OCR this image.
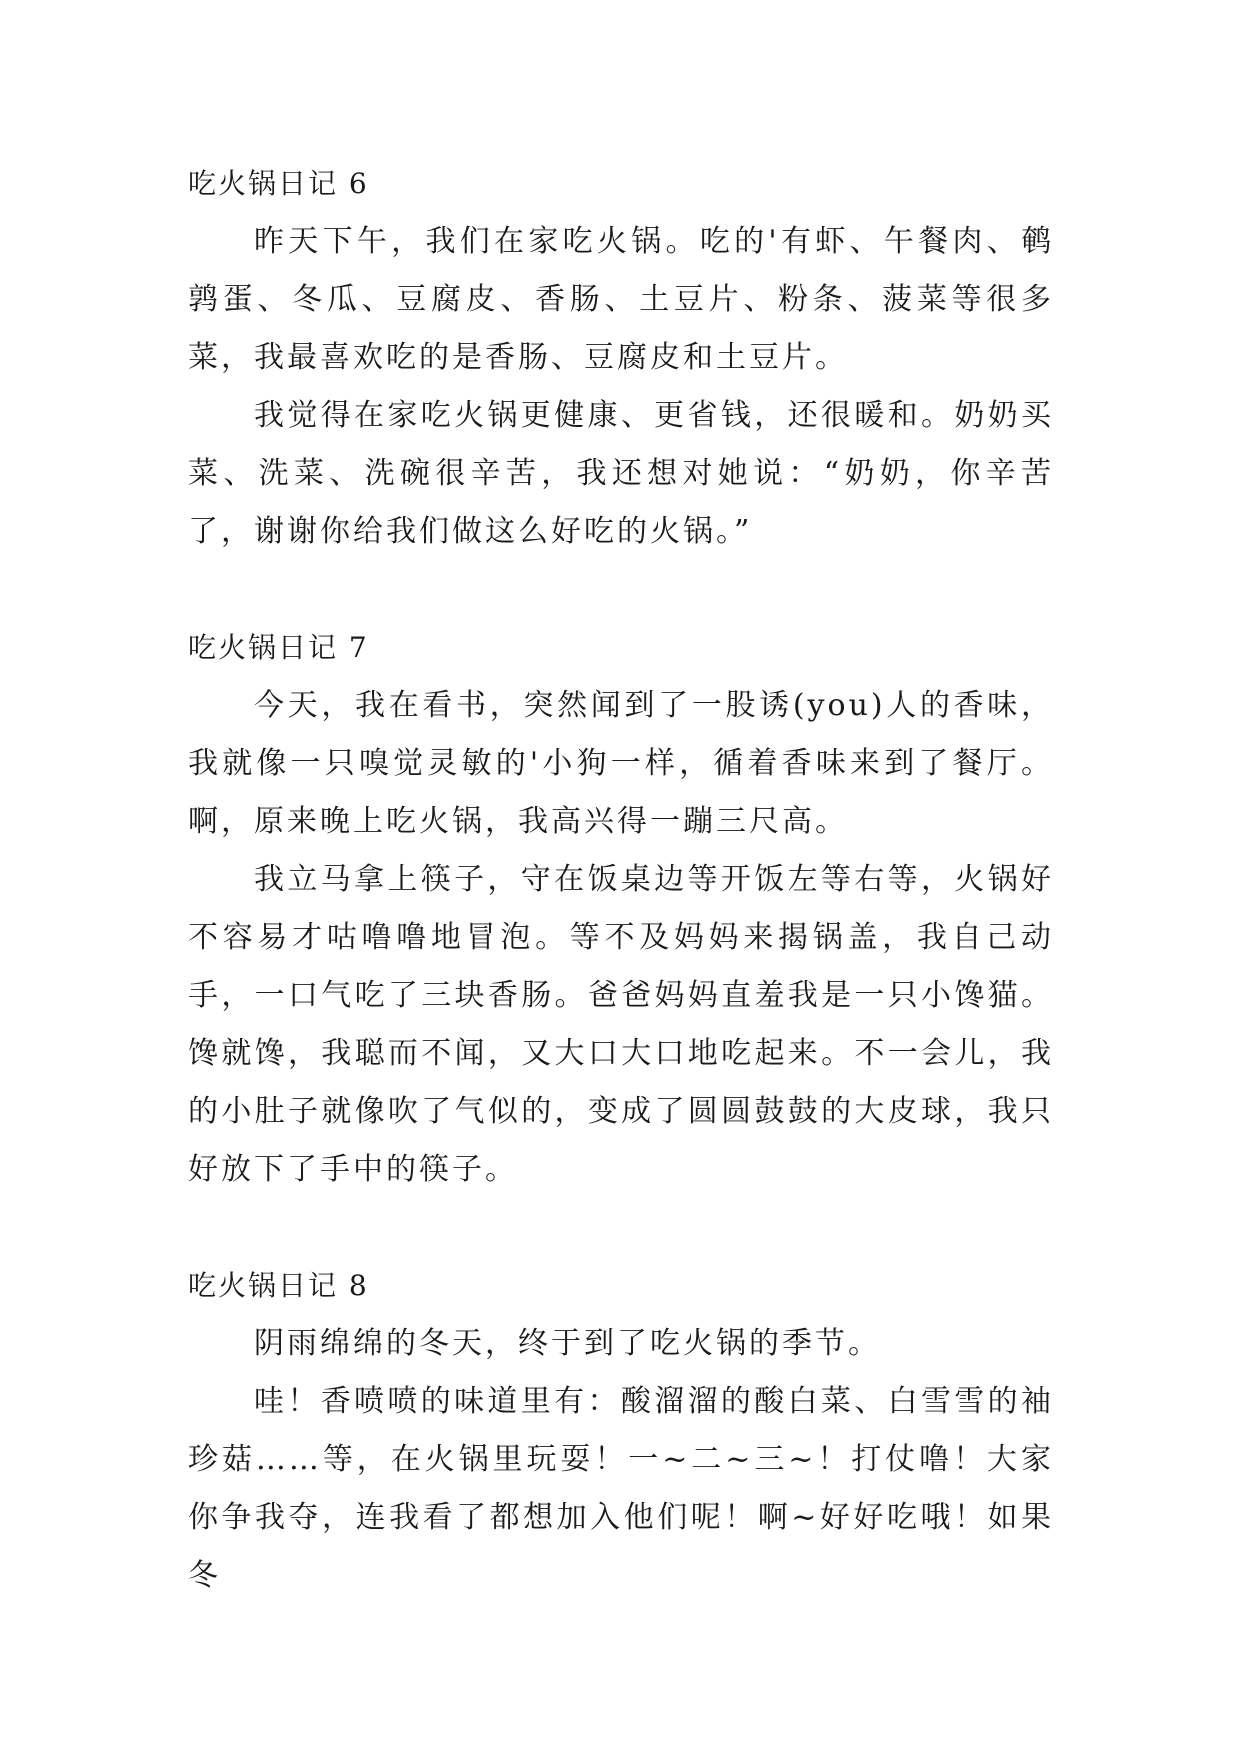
吃火锅日记 6

昨天下午，我们在家吃火锅。吃的'有虾、午餐肉、鹌鹑蛋、冬瓜、豆腐皮、香肠、土豆片、粉条、菠菜等很多菜，我最喜欢吃的是香肠、豆腐皮和土豆片。

我觉得在家吃火锅更健康、更省钱，还很暖和。奶奶买菜、洗菜、洗碗很辛苦，我还想对她说：“奶奶，你辛苦了，谢谢你给我们做这么好吃的火锅。”

吃火锅日记 7

今天，我在看书，突然闻到了一股诱(you)人的香味，我就像一只嗅觉灵敏的'小狗一样，循着香味来到了餐厅。啊，原来晚上吃火锅，我高兴得一蹦三尺高。

我立马拿上筷子，守在饭桌边等开饭左等右等，火锅好不容易才咕噜噜地冒泡。等不及妈妈来揭锅盖，我自己动手，一口气吃了三块香肠。爸爸妈妈直羞我是一只小馋猫。馋就馋，我聪而不闻，又大口大口地吃起来。不一会儿，我的小肚子就像吹了气似的，变成了圆圆鼓鼓的大皮球，我只好放下了手中的筷子。

吃火锅日记 8

阴雨绵绵的冬天，终于到了吃火锅的季节。

哇！香喷喷的味道里有：酸溜溜的酸白菜、白雪雪的袖珍菇……等，在火锅里玩耍！一~二~三~！打仗噜！大家你争我夺，连我看了都想加入他们呢！啊~好好吃哦！如果冬
